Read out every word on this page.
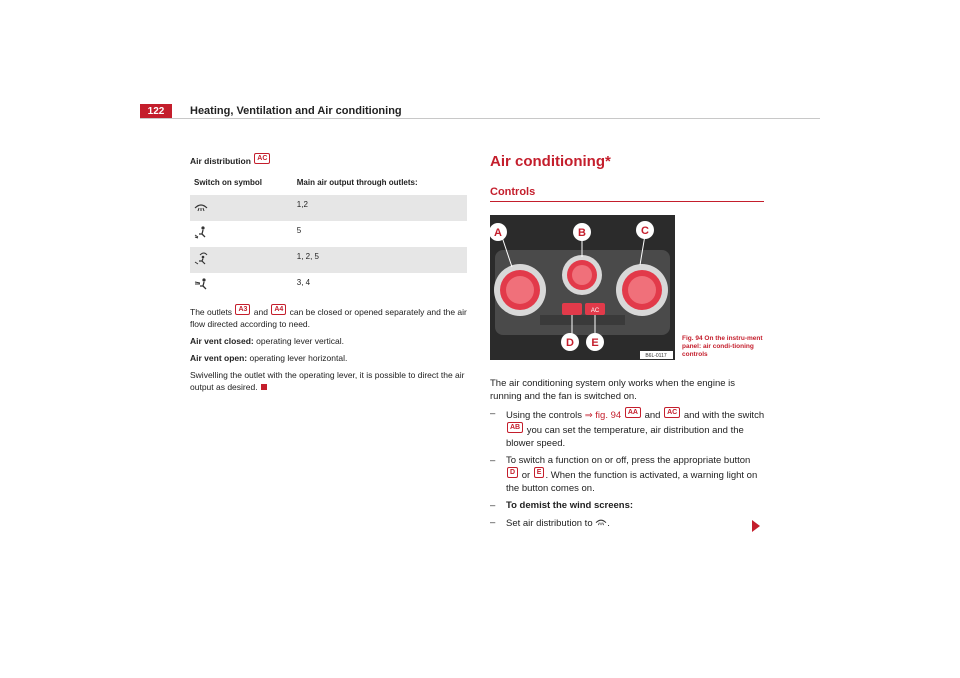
122	Heating, Ventilation and Air conditioning
Air distribution AC
Switch on symbol	Main air output through outlets:
	1,2
	5
	1, 2, 5
	3, 4
The outlets A3 and A4 can be closed or opened separately and the air flow directed according to need.
Air vent closed: operating lever vertical.
Air vent open: operating lever horizontal.
Swivelling the outlet with the operating lever, it is possible to direct the air output as desired.
Air conditioning*
Controls
AC
A	B	C
D E
B6L-0117
Fig. 94 On the instru-ment panel: air condi-tioning controls
The air conditioning system only works when the engine is running and the fan is switched on.
–	Using the controls ⇒ fig. 94 AA and AC and with the switch AB you can set the temperature, air distribution and the blower speed.
–	To switch a function on or off, press the appropriate button D or E . When the function is activated, a warning light on the button comes on.
–	To demist the wind screens:
–	Set air distribution to .
